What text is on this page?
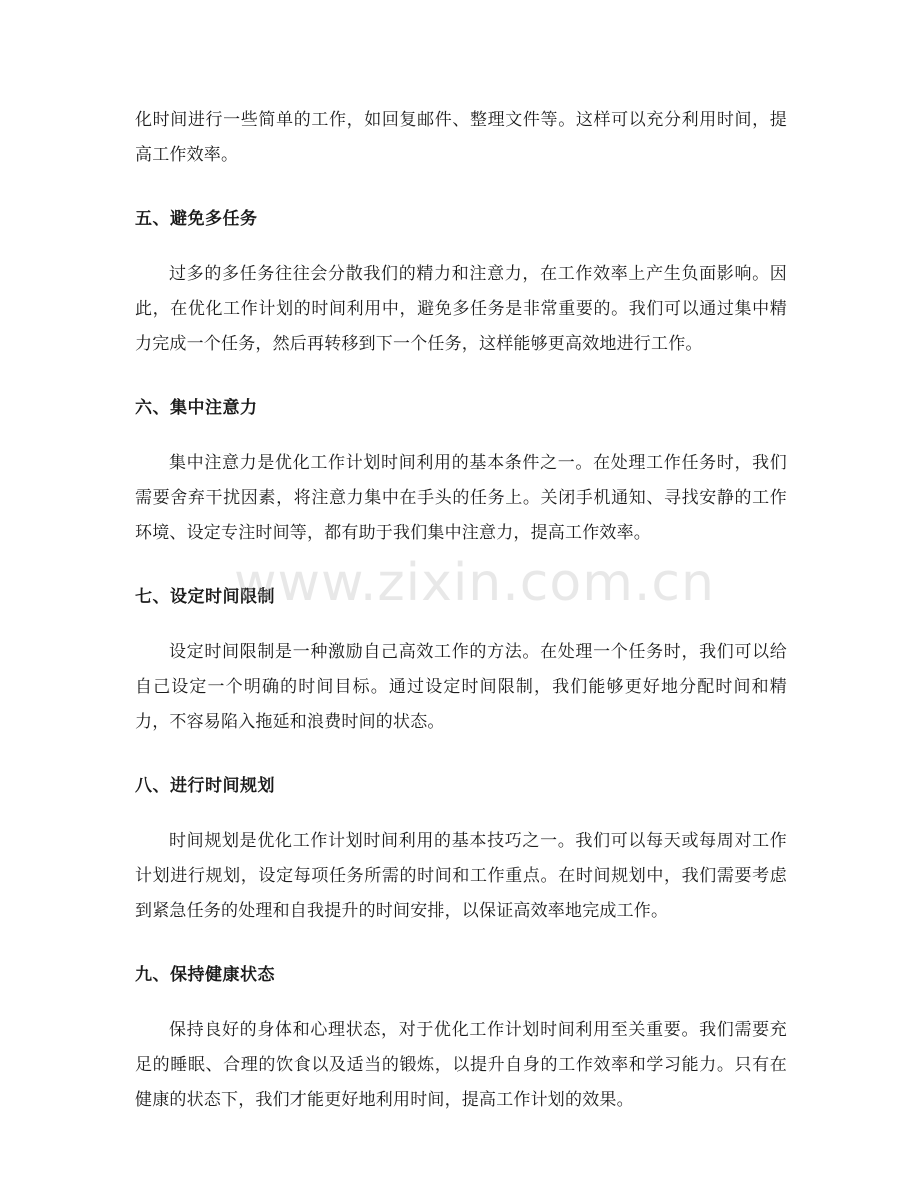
化时间进行一些简单的工作，如回复邮件、整理文件等。这样可以充分利用时间，提高工作效率。

五、避免多任务

过多的多任务往往会分散我们的精力和注意力，在工作效率上产生负面影响。因此，在优化工作计划的时间利用中，避免多任务是非常重要的。我们可以通过集中精力完成一个任务，然后再转移到下一个任务，这样能够更高效地进行工作。

六、集中注意力

集中注意力是优化工作计划时间利用的基本条件之一。在处理工作任务时，我们需要舍弃干扰因素，将注意力集中在手头的任务上。关闭手机通知、寻找安静的工作环境、设定专注时间等，都有助于我们集中注意力，提高工作效率。

七、设定时间限制

设定时间限制是一种激励自己高效工作的方法。在处理一个任务时，我们可以给自己设定一个明确的时间目标。通过设定时间限制，我们能够更好地分配时间和精力，不容易陷入拖延和浪费时间的状态。

八、进行时间规划

时间规划是优化工作计划时间利用的基本技巧之一。我们可以每天或每周对工作计划进行规划，设定每项任务所需的时间和工作重点。在时间规划中，我们需要考虑到紧急任务的处理和自我提升的时间安排，以保证高效率地完成工作。

九、保持健康状态

保持良好的身体和心理状态，对于优化工作计划时间利用至关重要。我们需要充足的睡眠、合理的饮食以及适当的锻炼，以提升自身的工作效率和学习能力。只有在健康的状态下，我们才能更好地利用时间，提高工作计划的效果。

www.zixin.com.cn
